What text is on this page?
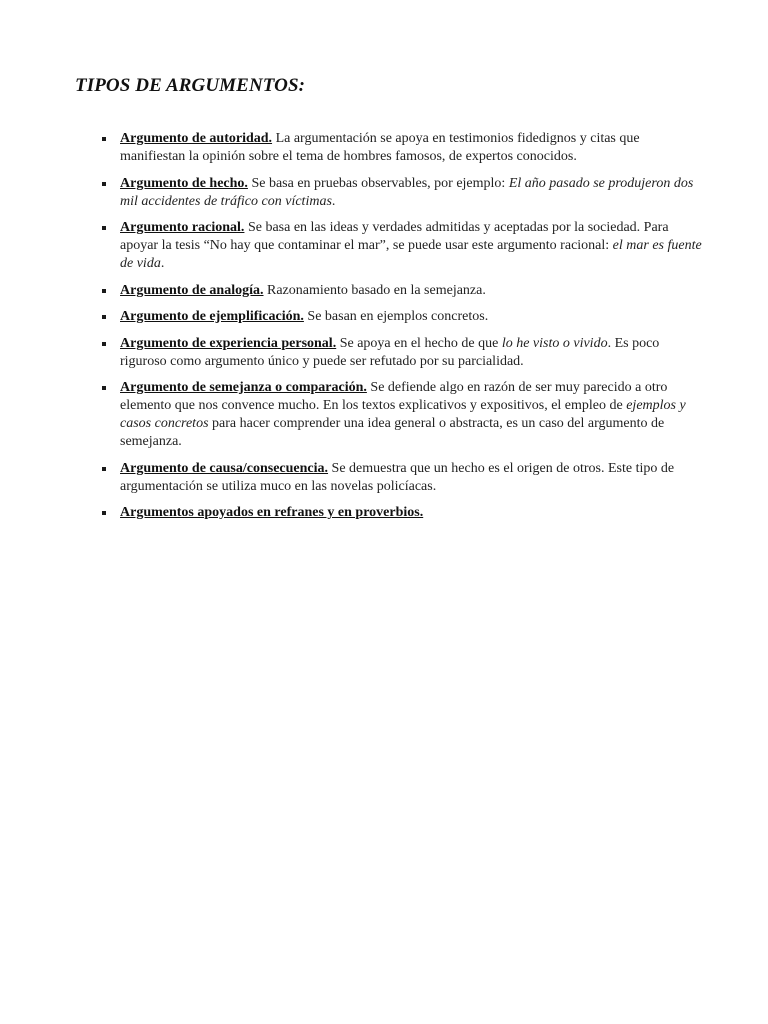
TIPOS DE ARGUMENTOS:
Argumento de autoridad. La argumentación se apoya en testimonios fidedignos y citas que manifiestan la opinión sobre el tema de hombres famosos, de expertos conocidos.
Argumento de hecho. Se basa en pruebas observables, por ejemplo: El año pasado se produjeron dos mil accidentes de tráfico con víctimas.
Argumento racional. Se basa en las ideas y verdades admitidas y aceptadas por la sociedad. Para apoyar la tesis “No hay que contaminar el mar”, se puede usar este argumento racional: el mar es fuente de vida.
Argumento de analogía. Razonamiento basado en la semejanza.
Argumento de ejemplificación. Se basan en ejemplos concretos.
Argumento de experiencia personal. Se apoya en el hecho de que lo he visto o vivido. Es poco riguroso como argumento único y puede ser refutado por su parcialidad.
Argumento de semejanza o comparación. Se defiende algo en razón de ser muy parecido a otro elemento que nos convence mucho. En los textos explicativos y expositivos, el empleo de ejemplos y casos concretos para hacer comprender una idea general o abstracta, es un caso del argumento de semejanza.
Argumento de causa/consecuencia. Se demuestra que un hecho es el origen de otros. Este tipo de argumentación se utiliza muco en las novelas policíacas.
Argumentos apoyados en refranes y en proverbios.
